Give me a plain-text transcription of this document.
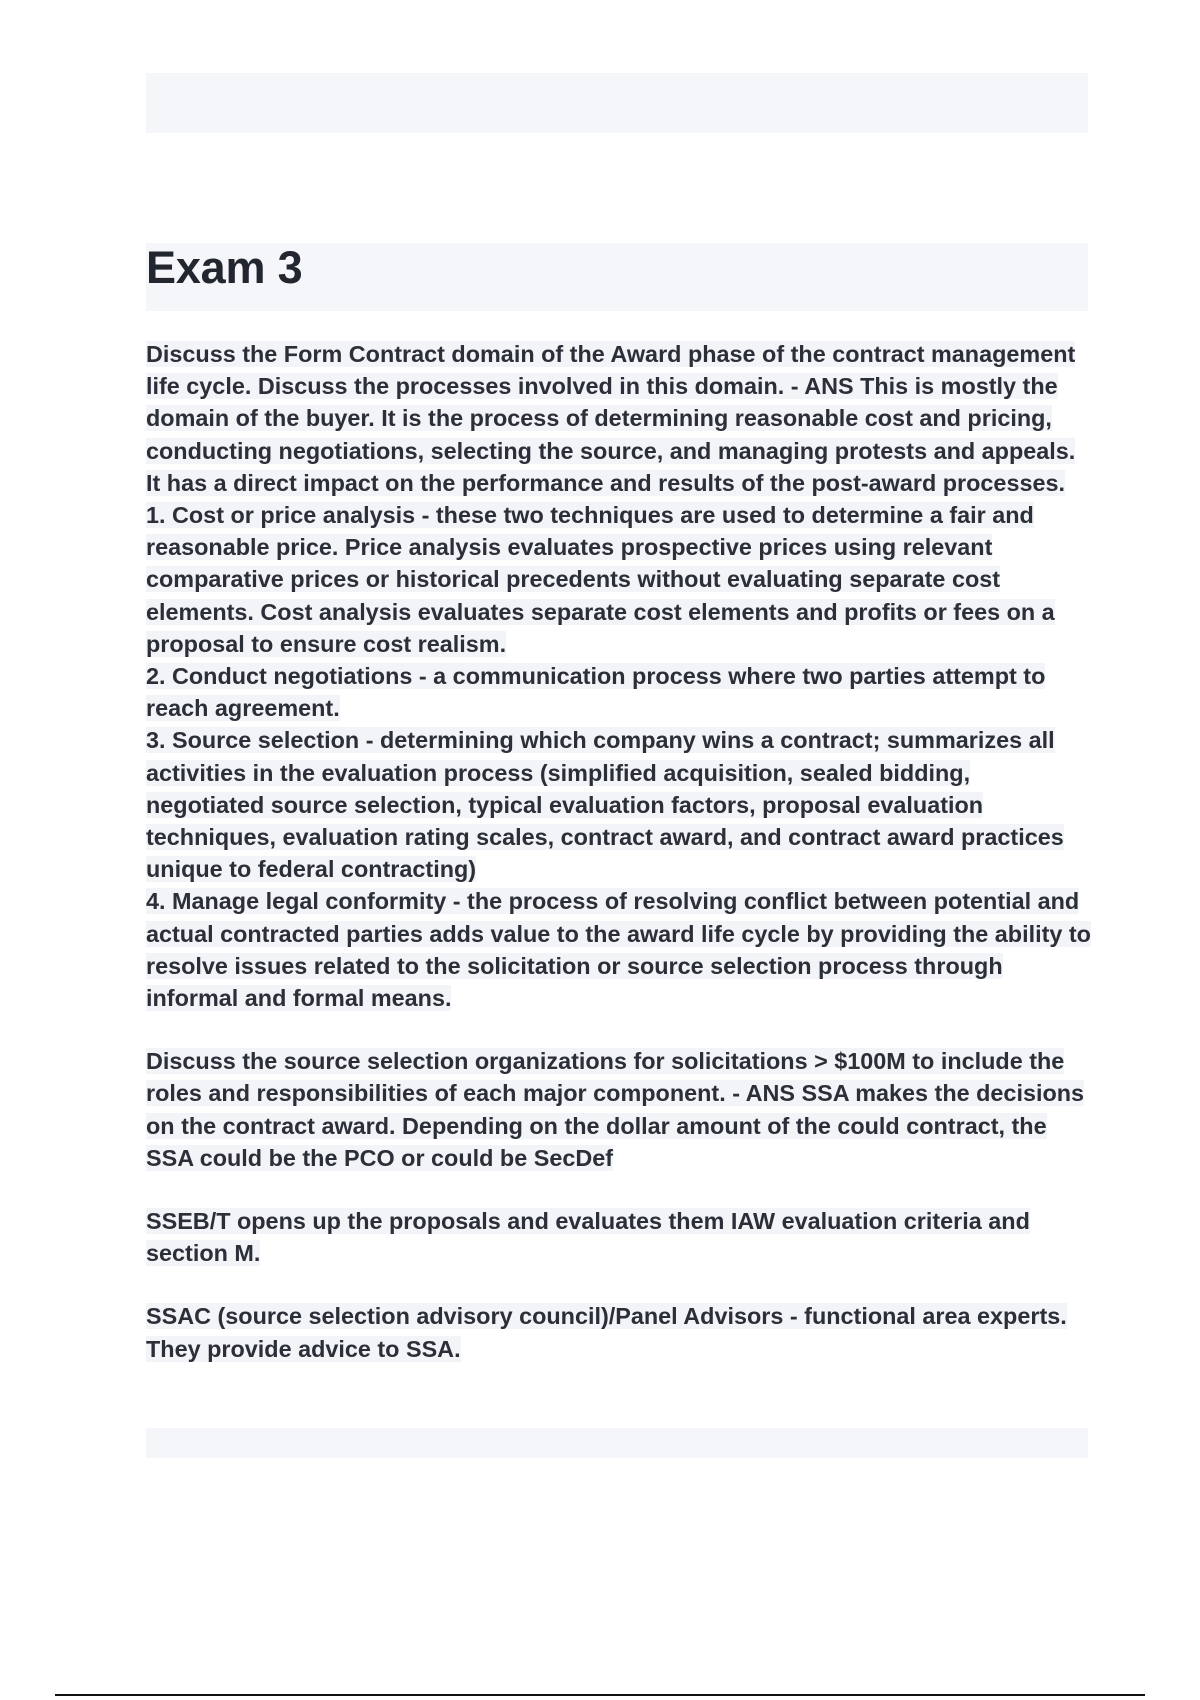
Exam 3

Discuss the Form Contract domain of the Award phase of the contract management life cycle. Discuss the processes involved in this domain. - ANS This is mostly the domain of the buyer. It is the process of determining reasonable cost and pricing, conducting negotiations, selecting the source, and managing protests and appeals. It has a direct impact on the performance and results of the post-award processes.

1. Cost or price analysis - these two techniques are used to determine a fair and reasonable price. Price analysis evaluates prospective prices using relevant comparative prices or historical precedents without evaluating separate cost elements. Cost analysis evaluates separate cost elements and profits or fees on a proposal to ensure cost realism.

2. Conduct negotiations - a communication process where two parties attempt to reach agreement.

3. Source selection - determining which company wins a contract; summarizes all activities in the evaluation process (simplified acquisition, sealed bidding, negotiated source selection, typical evaluation factors, proposal evaluation techniques, evaluation rating scales, contract award, and contract award practices unique to federal contracting)

4. Manage legal conformity - the process of resolving conflict between potential and actual contracted parties adds value to the award life cycle by providing the ability to resolve issues related to the solicitation or source selection process through informal and formal means.

Discuss the source selection organizations for solicitations > $100M to include the roles and responsibilities of each major component. - ANS SSA makes the decisions on the contract award. Depending on the dollar amount of the could contract, the SSA could be the PCO or could be SecDef

SSEB/T opens up the proposals and evaluates them IAW evaluation criteria and section M.

SSAC (source selection advisory council)/Panel Advisors - functional area experts. They provide advice to SSA.
